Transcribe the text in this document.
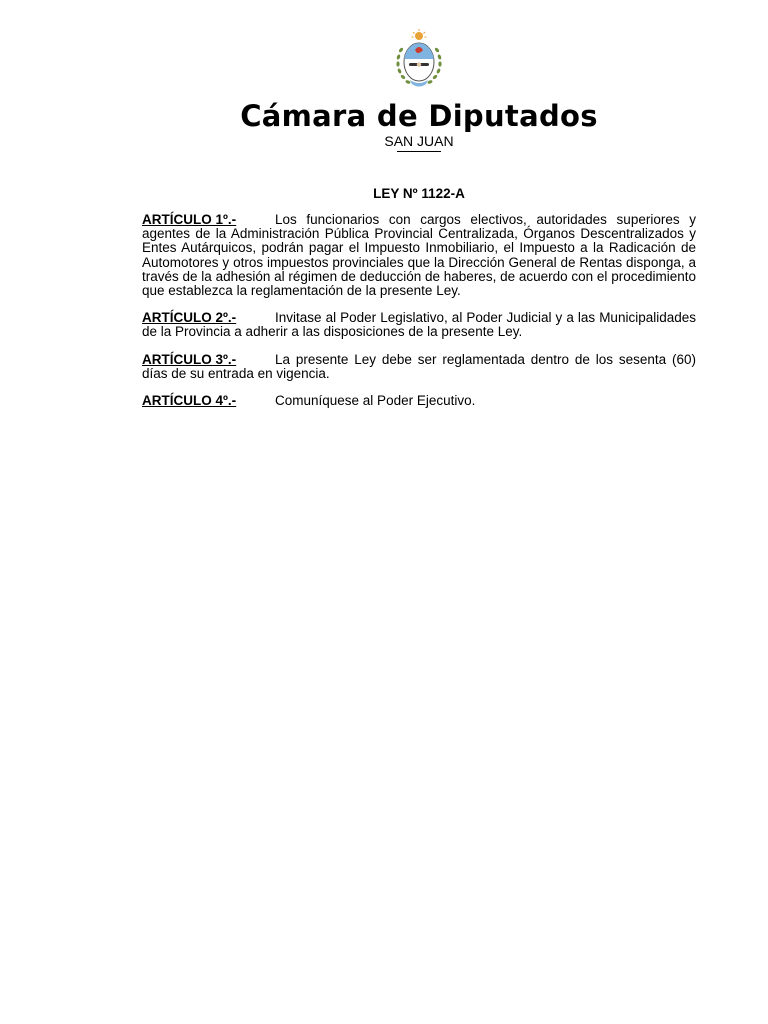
Cámara de Diputados
SAN JUAN
LEY Nº 1122-A

ARTÍCULO 1º.-	Los funcionarios con cargos electivos, autoridades superiores y agentes de la Administración Pública Provincial Centralizada, Órganos Descentralizados y Entes Autárquicos, podrán pagar el Impuesto Inmobiliario, el Impuesto a la Radicación de Automotores y otros impuestos provinciales que la Dirección General de Rentas disponga, a través de la adhesión al régimen de deducción de haberes, de acuerdo con el procedimiento que establezca la reglamentación de la presente Ley.

ARTÍCULO 2º.-	Invitase al Poder Legislativo, al Poder Judicial y a las Municipalidades de la Provincia a adherir a las disposiciones de la presente Ley.

ARTÍCULO 3º.-	La presente Ley debe ser reglamentada dentro de los sesenta (60) días de su entrada en vigencia.

ARTÍCULO 4º.-	Comuníquese al Poder Ejecutivo.
